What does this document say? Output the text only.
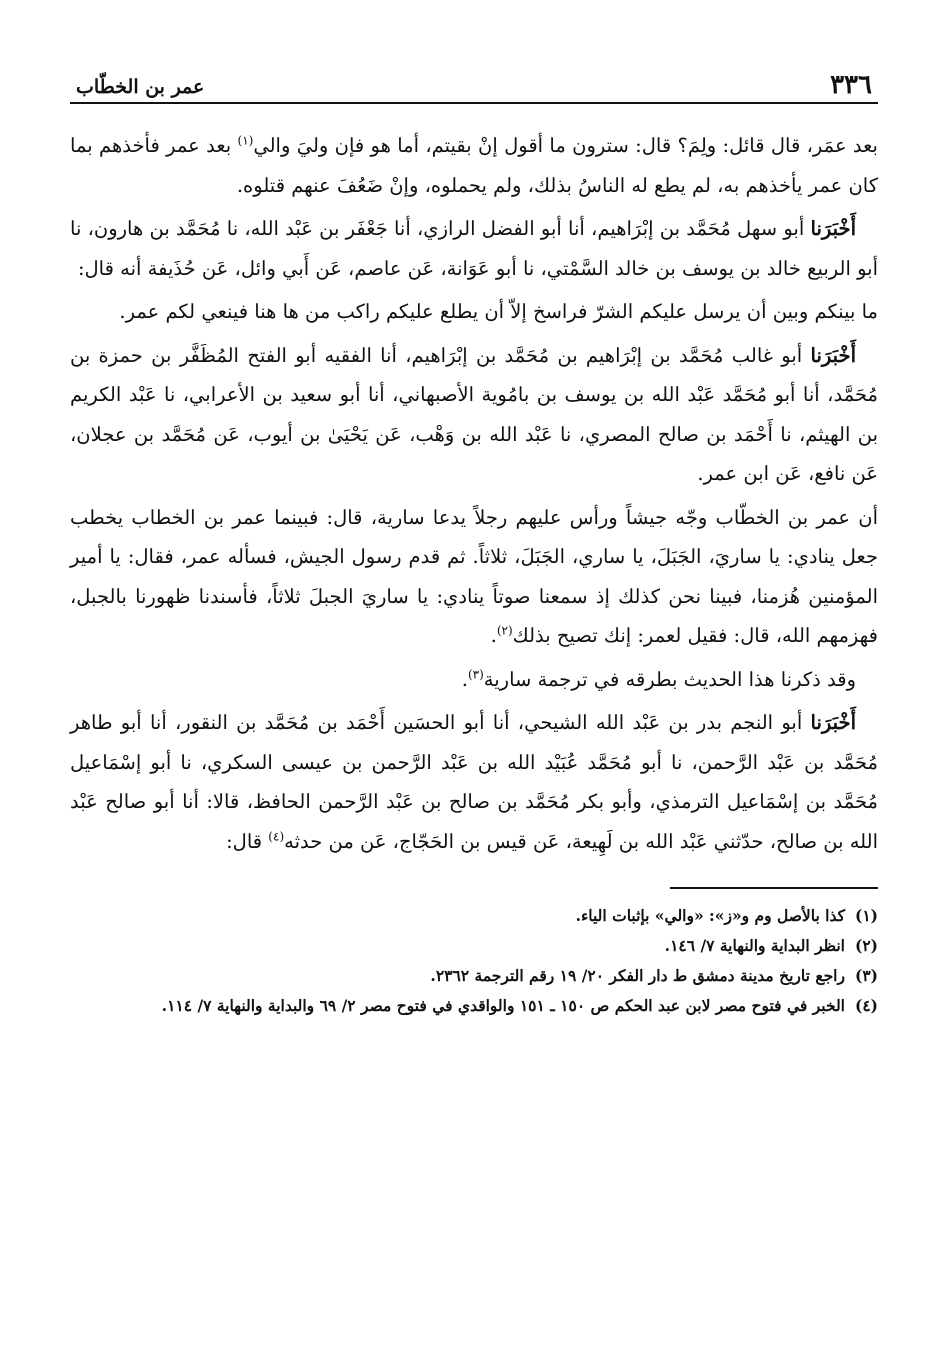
٣٣٦
عمر بن الخطّاب

بعد عمَر، قال قائل: ولِمَ؟ قال: سترون ما أقول إنْ بقيتم، أما هو فإن وليَ والي$^{(١)}$ بعد عمر فأخذهم بما كان عمر يأخذهم به، لم يطع له الناسُ بذلك، ولم يحملوه، وإنْ ضَعُفَ عنهم قتلوه.

أَخْبَرَنا أبو سهل مُحَمَّد بن إبْرَاهيم، أنا أبو الفضل الرازي، أنا جَعْفَر بن عَبْد الله، نا مُحَمَّد بن هارون، نا أبو الربيع خالد بن يوسف بن خالد السَّمْتي، نا أبو عَوَانة، عَن عاصم، عَن أَبي وائل، عَن حُذَيفة أنه قال:

ما بينكم وبين أن يرسل عليكم الشرّ فراسخ إلاّ أن يطلع عليكم راكب من ها هنا فينعي لكم عمر.

أَخْبَرَنا أبو غالب مُحَمَّد بن إبْرَاهيم بن مُحَمَّد بن إبْرَاهيم، أنا الفقيه أبو الفتح المُظَفَّر بن حمزة بن مُحَمَّد، أنا أبو مُحَمَّد عَبْد الله بن يوسف بن بامُوية الأصبهاني، أنا أبو سعيد بن الأعرابي، نا عَبْد الكريم بن الهيثم، نا أَحْمَد بن صالح المصري، نا عَبْد الله بن وَهْب، عَن يَحْيَىٰ بن أيوب، عَن مُحَمَّد بن عجلان، عَن نافع، عَن ابن عمر.

أن عمر بن الخطّاب وجّه جيشاً ورأس عليهم رجلاً يدعا سارية، قال: فبينما عمر بن الخطاب يخطب جعل ينادي: يا ساريَ، الجَبَلَ، يا ساري، الجَبَلَ، ثلاثاً. ثم قدم رسول الجيش، فسأله عمر، فقال: يا أمير المؤمنين هُزمنا، فبينا نحن كذلك إذ سمعنا صوتاً ينادي: يا ساريَ الجبلَ ثلاثاً، فأسندنا ظهورنا بالجبل، فهزمهم الله، قال: فقيل لعمر: إنك تصيح بذلك$^{(٢)}$.

وقد ذكرنا هذا الحديث بطرقه في ترجمة سارية$^{(٣)}$.

أَخْبَرَنا أبو النجم بدر بن عَبْد الله الشيحي، أنا أبو الحسَين أَحْمَد بن مُحَمَّد بن النقور، أنا أبو طاهر مُحَمَّد بن عَبْد الرَّحمن، نا أبو مُحَمَّد عُبَيْد الله بن عَبْد الرَّحمن بن عيسى السكري، نا أبو إسْمَاعيل مُحَمَّد بن إسْمَاعيل الترمذي، وأبو بكر مُحَمَّد بن صالح بن عَبْد الرَّحمن الحافظ، قالا: أنا أبو صالح عَبْد الله بن صالح، حدّثني عَبْد الله بن لَهِيعة، عَن قيس بن الحَجّاج، عَن من حدثه$^{(٤)}$ قال:

(١)
كذا بالأصل وم و«ز»: «والي» بإثبات الياء.
(٢)
انظر البداية والنهاية ٧/ ١٤٦.
(٣)
راجع تاريخ مدينة دمشق ط دار الفكر ٢٠/ ١٩ رقم الترجمة ٢٣٦٢.
(٤)
الخبر في فتوح مصر لابن عبد الحكم ص ١٥٠ ـ ١٥١ والواقدي في فتوح مصر ٢/ ٦٩ والبداية والنهاية ٧/ ١١٤.
